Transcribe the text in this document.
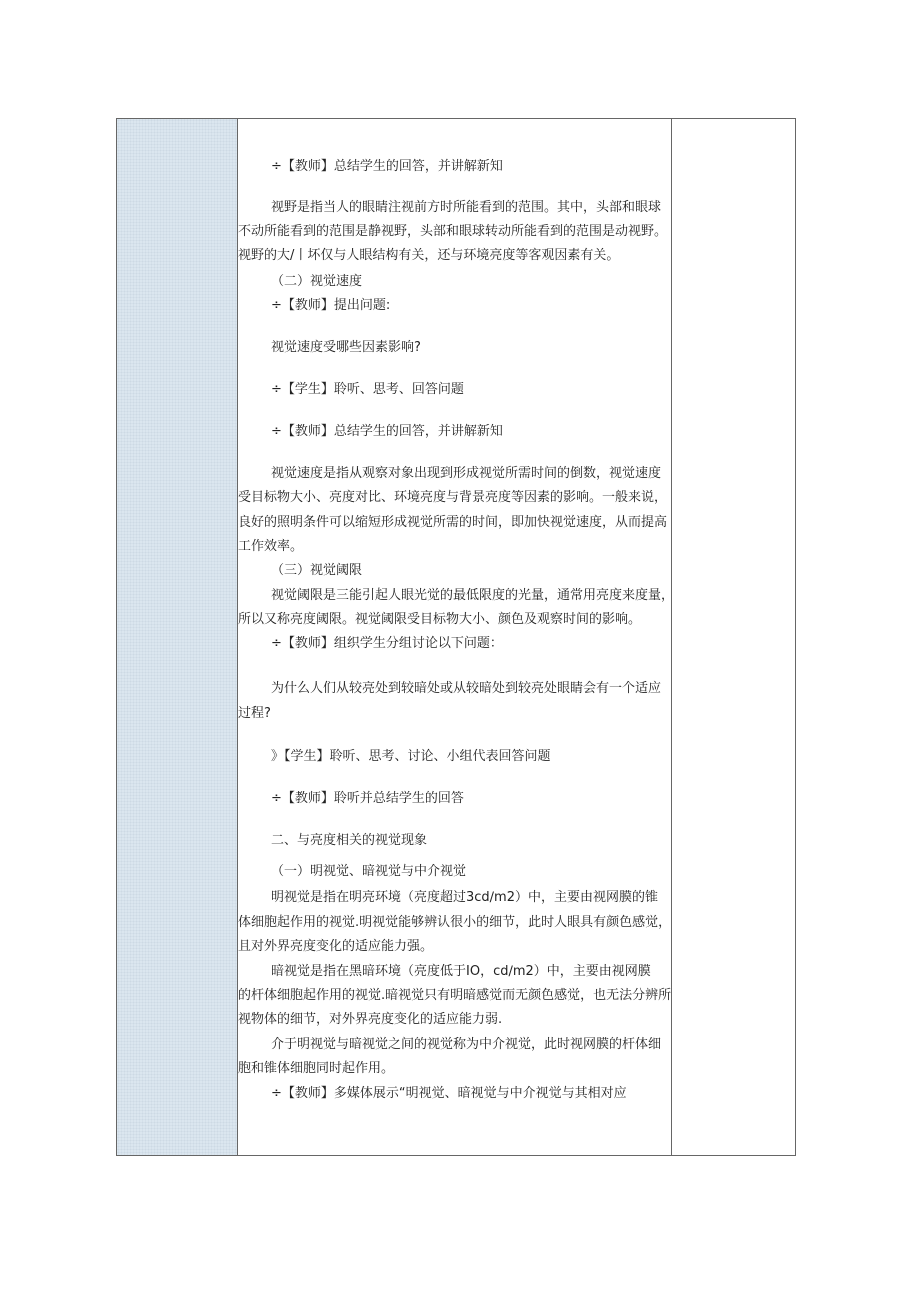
÷【教师】总结学生的回答，并讲解新知
视野是指当人的眼睛注视前方时所能看到的范围。其中，头部和眼球
不动所能看到的范围是静视野，头部和眼球转动所能看到的范围是动视野。
视野的大/丨坏仅与人眼结构有关，还与环境亮度等客观因素有关。
（二）视觉速度
÷【教师】提出问题:
视觉速度受哪些因素影响?
÷【学生】聆听、思考、回答问题
÷【教师】总结学生的回答，并讲解新知
视觉速度是指从观察对象出现到形成视觉所需时间的倒数，视觉速度
受目标物大小、亮度对比、环境亮度与背景亮度等因素的影响。一般来说，
良好的照明条件可以缩短形成视觉所需的时间，即加快视觉速度，从而提高
工作效率。
（三）视觉阈限
视觉阈限是三能引起人眼光觉的最低限度的光量，通常用亮度来度量，
所以又称亮度阈限。视觉阈限受目标物大小、颜色及观察时间的影响。
÷【教师】组织学生分组讨论以下问题：
为什么人们从较亮处到较暗处或从较暗处到较亮处眼睛会有一个适应
过程?
》【学生】聆听、思考、讨论、小组代表回答问题
÷【教师】聆听并总结学生的回答
二、与亮度相关的视觉现象
（一）明视觉、暗视觉与中介视觉
明视觉是指在明亮环境（亮度超过3cd∕m2）中，主要由视网膜的锥
体细胞起作用的视觉.明视觉能够辨认很小的细节，此时人眼具有颜色感觉，
且对外界亮度变化的适应能力强。
暗视觉是指在黑暗环境（亮度低于IO，cd∕m2）中，主要由视网膜
的杆体细胞起作用的视觉.暗视觉只有明暗感觉而无颜色感觉，也无法分辨所
视物体的细节，对外界亮度变化的适应能力弱.
介于明视觉与暗视觉之间的视觉称为中介视觉，此时视网膜的杆体细
胞和锥体细胞同时起作用。
÷【教师】多媒体展示“明视觉、暗视觉与中介视觉与其相对应
